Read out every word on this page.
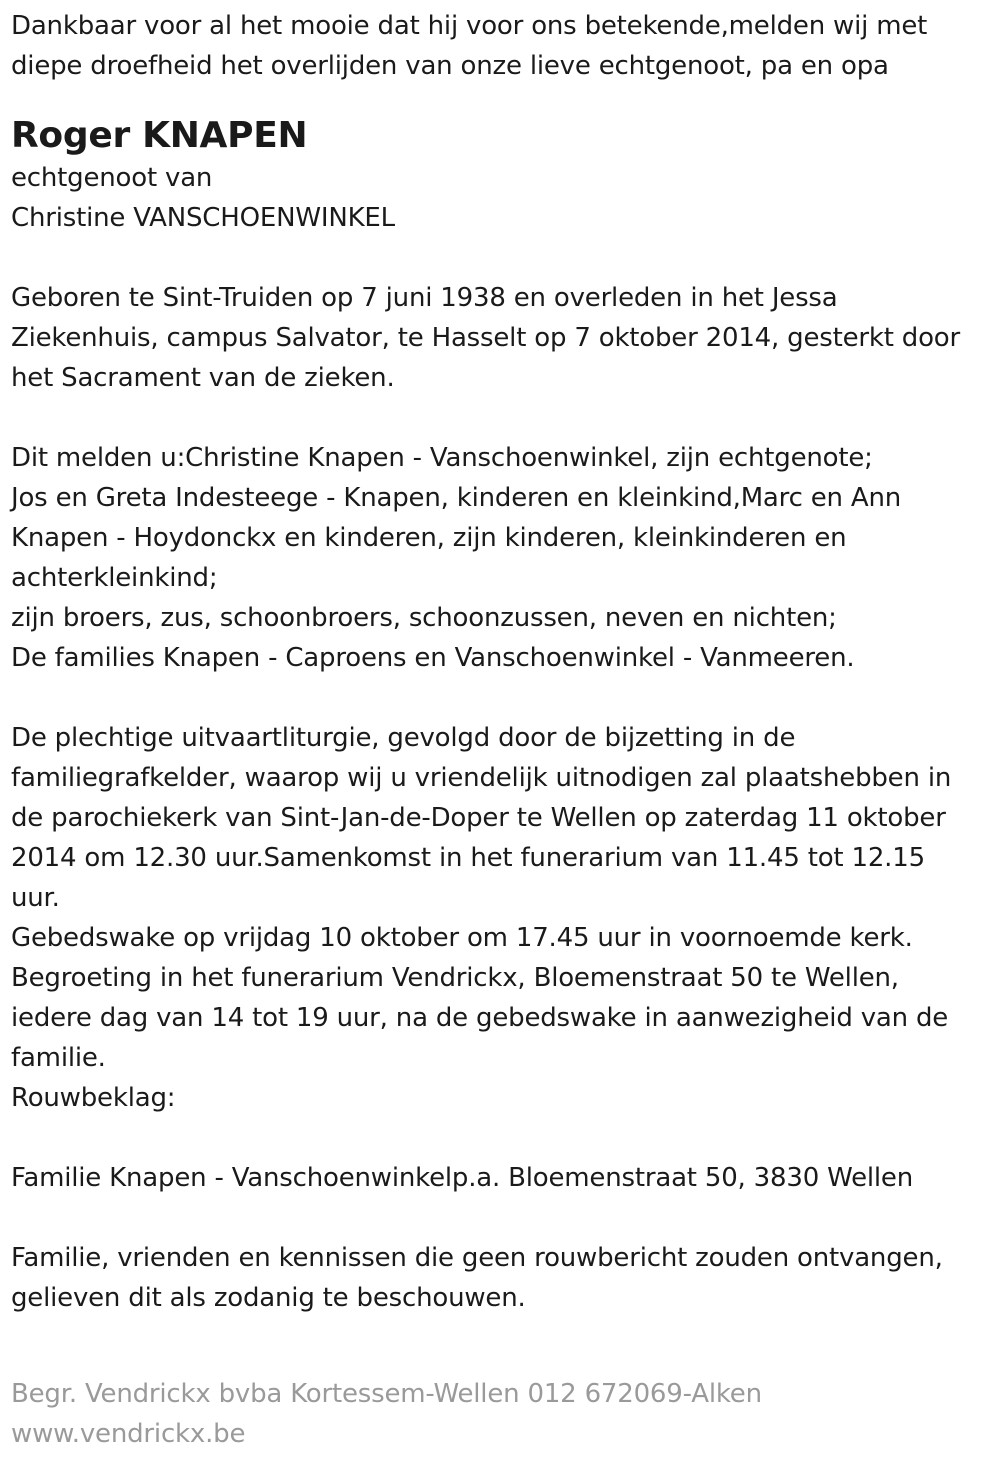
Dankbaar voor al het mooie dat hij voor ons betekende,melden wij met
diepe droefheid het overlijden van onze lieve echtgenoot, pa en opa
Roger KNAPEN
echtgenoot van
Christine VANSCHOENWINKEL
Geboren te Sint-Truiden op 7 juni 1938 en overleden in het Jessa
Ziekenhuis, campus Salvator, te Hasselt op 7 oktober 2014, gesterkt door
het Sacrament van de zieken.
Dit melden u:Christine Knapen - Vanschoenwinkel, zijn echtgenote;
Jos en Greta Indesteege - Knapen, kinderen en kleinkind,Marc en Ann
Knapen - Hoydonckx en kinderen, zijn kinderen, kleinkinderen en
achterkleinkind;
zijn broers, zus, schoonbroers, schoonzussen, neven en nichten;
De families Knapen - Caproens en Vanschoenwinkel - Vanmeeren.
De plechtige uitvaartliturgie, gevolgd door de bijzetting in de
familiegrafkelder, waarop wij u vriendelijk uitnodigen zal plaatshebben in
de parochiekerk van Sint-Jan-de-Doper te Wellen op zaterdag 11 oktober
2014 om 12.30 uur.Samenkomst in het funerarium van 11.45 tot 12.15
uur.
Gebedswake op vrijdag 10 oktober om 17.45 uur in voornoemde kerk.
Begroeting in het funerarium Vendrickx, Bloemenstraat 50 te Wellen,
iedere dag van 14 tot 19 uur, na de gebedswake in aanwezigheid van de
familie.
Rouwbeklag:
Familie Knapen - Vanschoenwinkelp.a. Bloemenstraat 50, 3830 Wellen
Familie, vrienden en kennissen die geen rouwbericht zouden ontvangen,
gelieven dit als zodanig te beschouwen.
Begr. Vendrickx bvba Kortessem-Wellen 012 672069-Alken
www.vendrickx.be
